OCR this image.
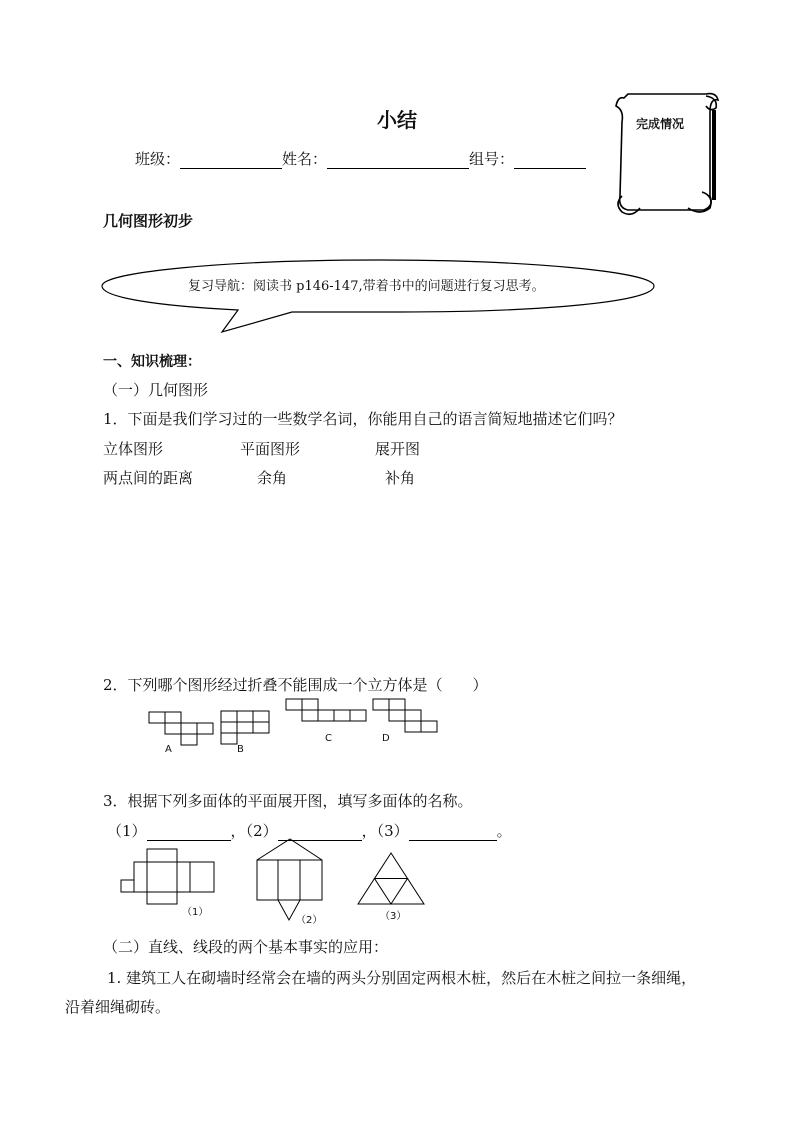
小结	完成情况
班级：	姓名：	组号：
几何图形初步
复习导航：阅读书 p146-147,带着书中的问题进行复习思考。
一、知识梳理：
（一）几何图形
1．下面是我们学习过的一些数学名词，你能用自己的语言简短地描述它们吗？
立体图形	平面图形	展开图
两点间的距离	余角	补角
2．下列哪个图形经过折叠不能围成一个立方体是（　　）
A	B
C	D
3．根据下列多面体的平面展开图，填写多面体的名称。
（1）	，（2）	，（3）	。
（1）
（2）	（3）
（二）直线、线段的两个基本事实的应用：
1. 建筑工人在砌墙时经常会在墙的两头分别固定两根木桩，然后在木桩之间拉一条细绳，
沿着细绳砌砖。
